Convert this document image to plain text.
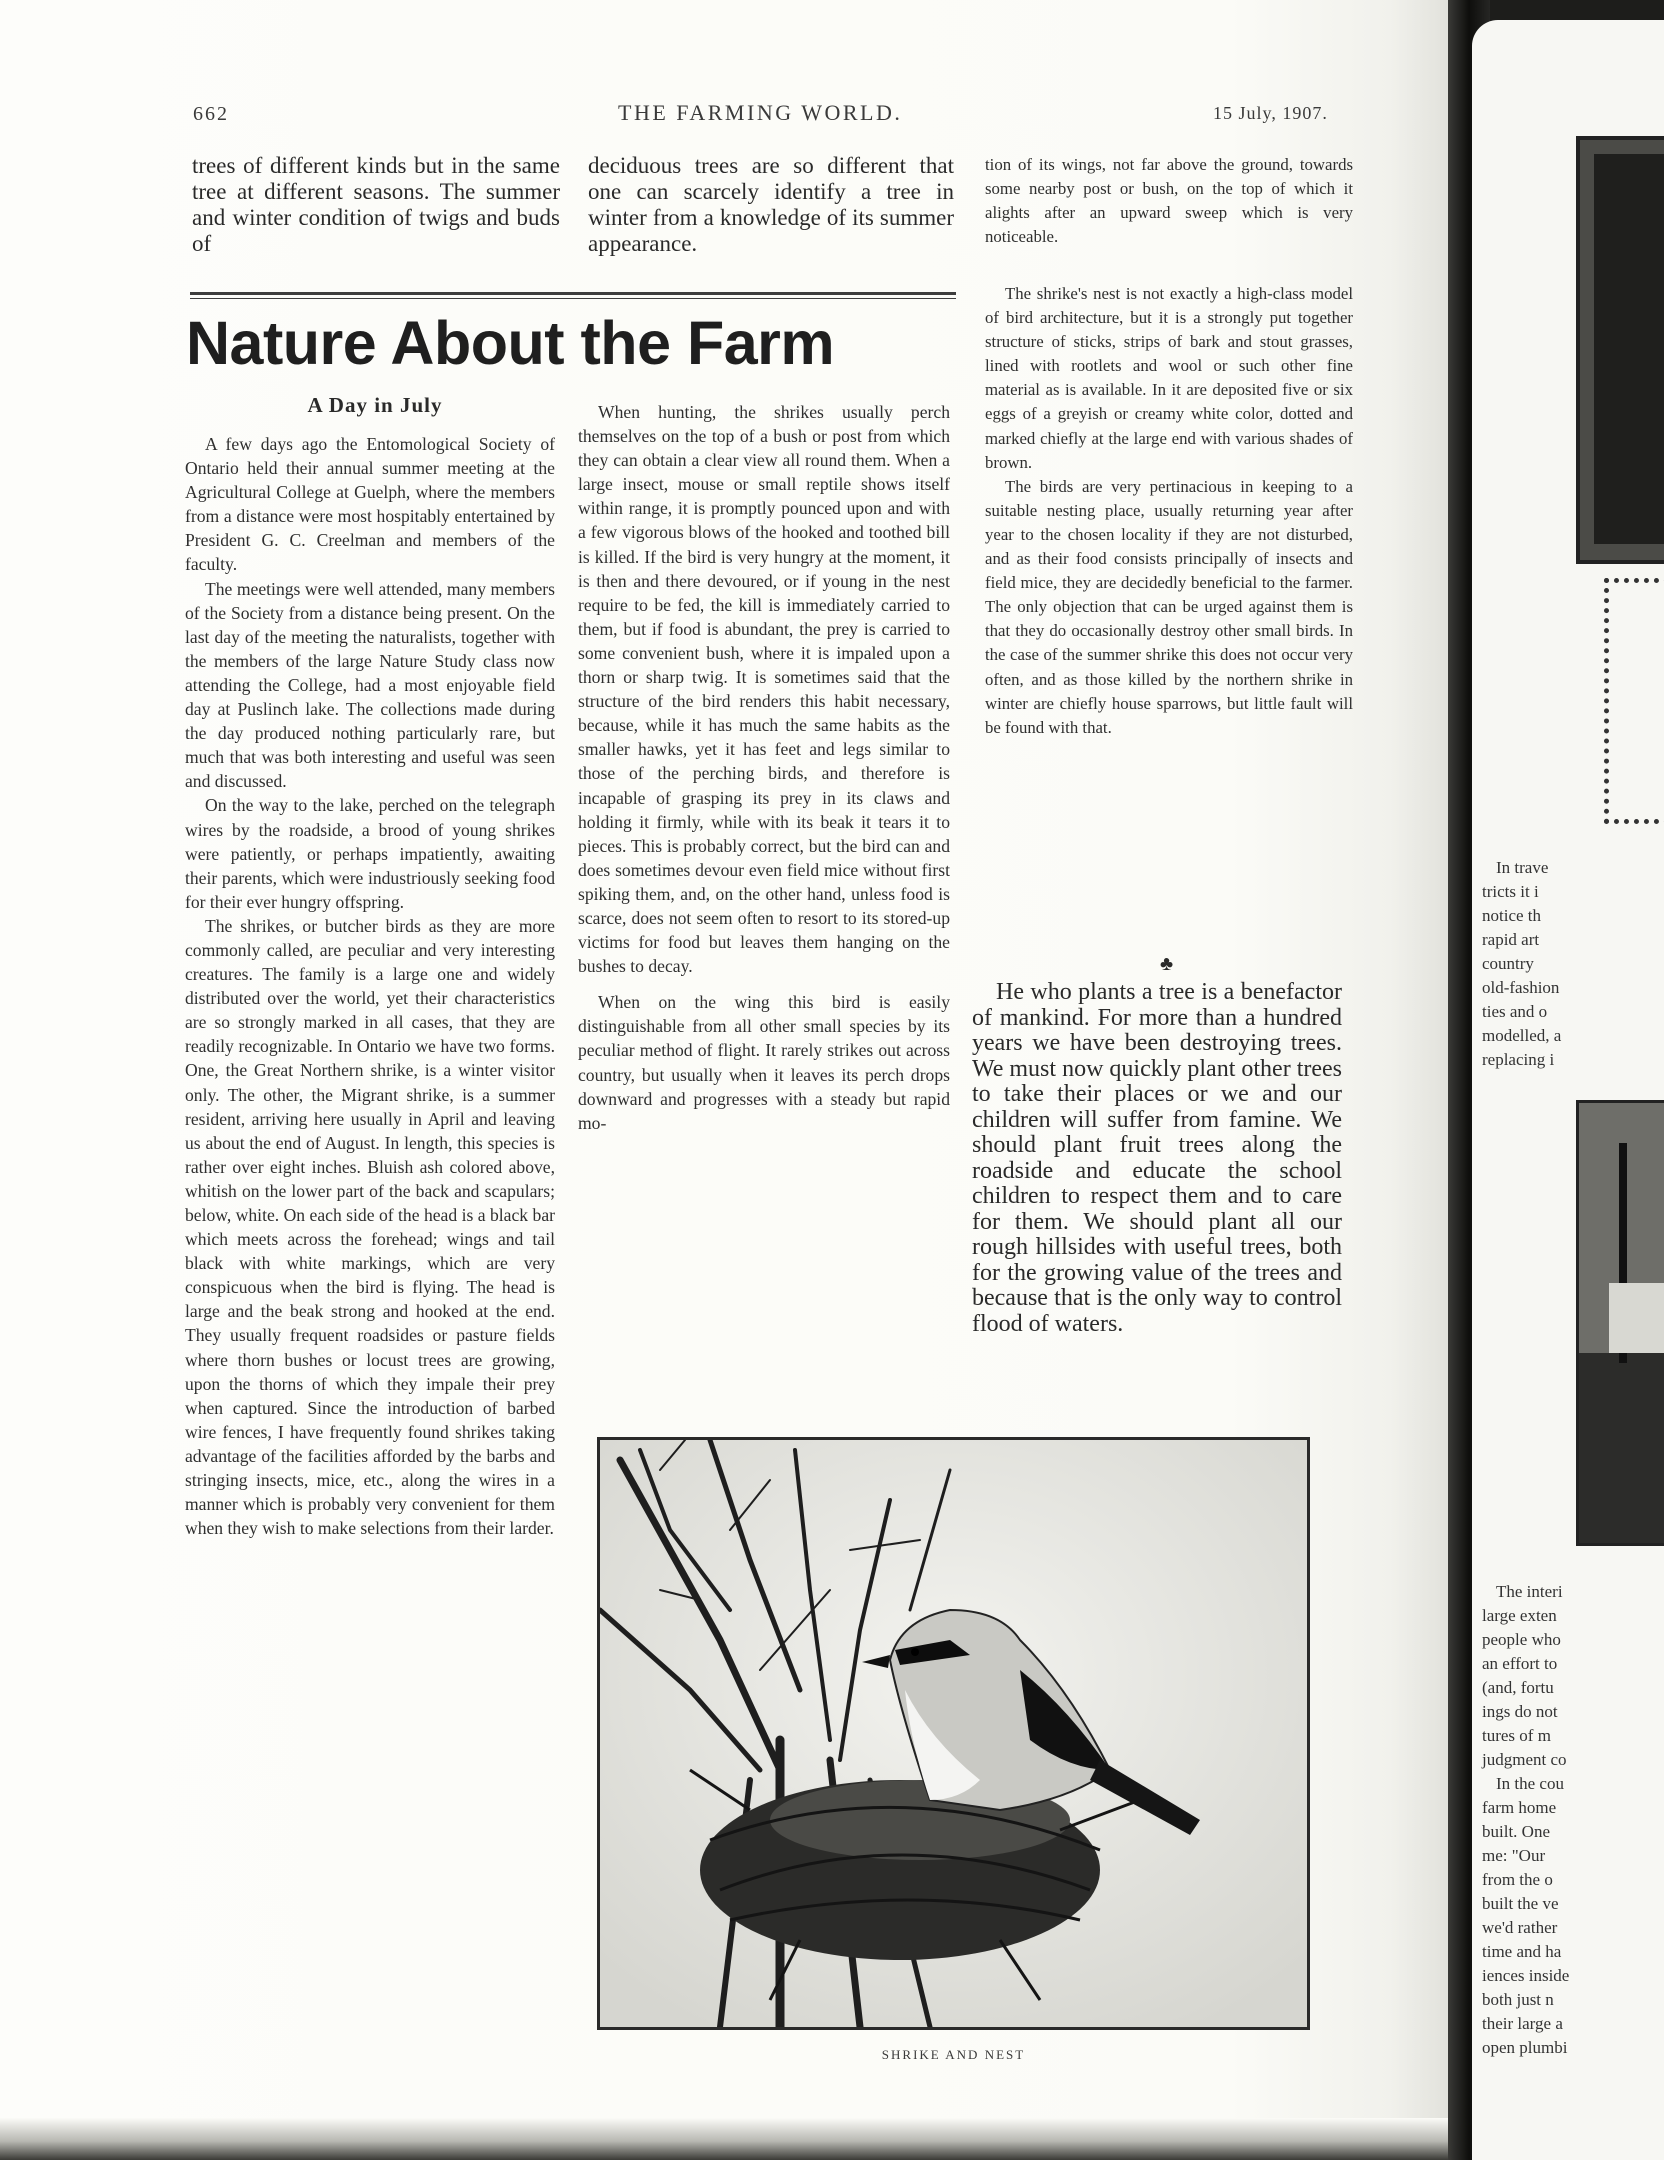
662	THE FARMING WORLD.	15 July, 1907.
trees of different kinds but in the same tree at different seasons. The summer and winter condition of twigs and buds of
deciduous trees are so different that one can scarcely identify a tree in winter from a knowledge of its summer appearance.
tion of its wings, not far above the ground, towards some nearby post or bush, on the top of which it alights after an upward sweep which is very noticeable.
Nature About the Farm
A Day in July

A few days ago the Entomological Society of Ontario held their annual summer meeting at the Agricultural College at Guelph, where the members from a distance were most hospitably entertained by President G. C. Creelman and members of the faculty.

The meetings were well attended, many members of the Society from a distance being present. On the last day of the meeting the naturalists, together with the members of the large Nature Study class now attending the College, had a most enjoyable field day at Puslinch lake. The collections made during the day produced nothing particularly rare, but much that was both interesting and useful was seen and discussed.

On the way to the lake, perched on the telegraph wires by the roadside, a brood of young shrikes were patiently, or perhaps impatiently, awaiting their parents, which were industriously seeking food for their ever hungry offspring.

The shrikes, or butcher birds as they are more commonly called, are peculiar and very interesting creatures. The family is a large one and widely distributed over the world, yet their characteristics are so strongly marked in all cases, that they are readily recognizable. In Ontario we have two forms. One, the Great Northern shrike, is a winter visitor only. The other, the Migrant shrike, is a summer resident, arriving here usually in April and leaving us about the end of August. In length, this species is rather over eight inches. Bluish ash colored above, whitish on the lower part of the back and scapulars; below, white. On each side of the head is a black bar which meets across the forehead; wings and tail black with white markings, which are very conspicuous when the bird is flying. The head is large and the beak strong and hooked at the end. They usually frequent roadsides or pasture fields where thorn bushes or locust trees are growing, upon the thorns of which they impale their prey when captured. Since the introduction of barbed wire fences, I have frequently found shrikes taking advantage of the facilities afforded by the barbs and stringing insects, mice, etc., along the wires in a manner which is probably very convenient for them when they wish to make selections from their larder.

When hunting, the shrikes usually perch themselves on the top of a bush or post from which they can obtain a clear view all round them. When a large insect, mouse or small reptile shows itself within range, it is promptly pounced upon and with a few vigorous blows of the hooked and toothed bill is killed. If the bird is very hungry at the moment, it is then and there devoured, or if young in the nest require to be fed, the kill is immediately carried to them, but if food is abundant, the prey is carried to some convenient bush, where it is impaled upon a thorn or sharp twig. It is sometimes said that the structure of the bird renders this habit necessary, because, while it has much the same habits as the smaller hawks, yet it has feet and legs similar to those of the perching birds, and therefore is incapable of grasping its prey in its claws and holding it firmly, while with its beak it tears it to pieces. This is probably correct, but the bird can and does sometimes devour even field mice without first spiking them, and, on the other hand, unless food is scarce, does not seem often to resort to its stored-up victims for food but leaves them hanging on the bushes to decay.

When on the wing this bird is easily distinguishable from all other small species by its peculiar method of flight. It rarely strikes out across country, but usually when it leaves its perch drops downward and progresses with a steady but rapid mo-

The shrike's nest is not exactly a high-class model of bird architecture, but it is a strongly put together structure of sticks, strips of bark and stout grasses, lined with rootlets and wool or such other fine material as is available. In it are deposited five or six eggs of a greyish or creamy white color, dotted and marked chiefly at the large end with various shades of brown.

The birds are very pertinacious in keeping to a suitable nesting place, usually returning year after year to the chosen locality if they are not disturbed, and as their food consists principally of insects and field mice, they are decidedly beneficial to the farmer. The only objection that can be urged against them is that they do occasionally destroy other small birds. In the case of the summer shrike this does not occur very often, and as those killed by the northern shrike in winter are chiefly house sparrows, but little fault will be found with that.

♣

He who plants a tree is a benefactor of mankind. For more than a hundred years we have been destroying trees. We must now quickly plant other trees to take their places or we and our children will suffer from famine. We should plant fruit trees along the roadside and educate the school children to respect them and to care for them. We should plant all our rough hillsides with useful trees, both for the growing value of the trees and because that is the only way to control flood of waters.

SHRIKE AND NEST
In trave
tricts it i
notice th
rapid art
country
old-fashion
ties and o
modelled, a
replacing i
The interi
large exten
people who
an effort to
(and, fortu
ings do not
tures of m
judgment co
In the cou
farm home
built. One
me: "Our
from the o
built the ve
we'd rather
time and ha
iences inside
both just n
their large a
open plumbi
